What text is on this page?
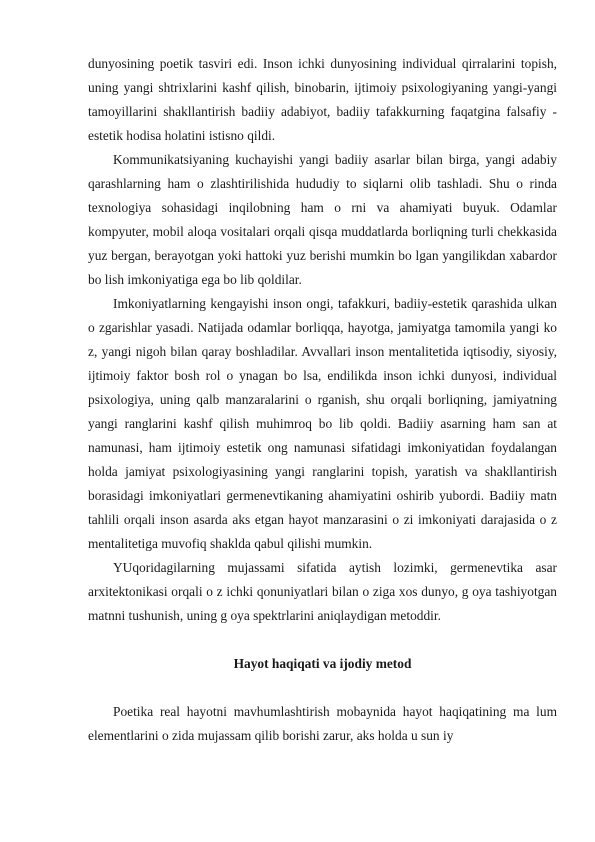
dunyosining poetik tasviri edi. Inson ichki dunyosining individual qirralarini topish, uning yangi shtrixlarini kashf qilish, binobarin, ijtimoiy psixologiyaning yangi-yangi tamoyillarini shakllantirish badiiy adabiyot, badiiy tafakkurning faqatgina falsafiy - estetik hodisa holatini istisno qildi.

Kommunikatsiyaning kuchayishi yangi badiiy asarlar bilan birga, yangi adabiy qarashlarning ham o zlashtirilishida hududiy to siqlarni olib tashladi. Shu o rinda texnologiya sohasidagi inqilobning ham o rni va ahamiyati buyuk. Odamlar kompyuter, mobil aloqa vositalari orqali qisqa muddatlarda borliqning turli chekkasida yuz bergan, berayotgan yoki hattoki yuz berishi mumkin bo lgan yangilikdan xabardor bo lish imkoniyatiga ega bo lib qoldilar.

Imkoniyatlarning kengayishi inson ongi, tafakkuri, badiiy-estetik qarashida ulkan o zgarishlar yasadi. Natijada odamlar borliqqa, hayotga, jamiyatga tamomila yangi ko z, yangi nigoh bilan qaray boshladilar. Avvallari inson mentalitetida iqtisodiy, siyosiy, ijtimoiy faktor bosh rol o ynagan bo lsa, endilikda inson ichki dunyosi, individual psixologiya, uning qalb manzaralarini o rganish, shu orqali borliqning, jamiyatning yangi ranglarini kashf qilish muhimroq bo lib qoldi. Badiiy asarning ham san at namunasi, ham ijtimoiy estetik ong namunasi sifatidagi imkoniyatidan foydalangan holda jamiyat psixologiyasining yangi ranglarini topish, yaratish va shakllantirish borasidagi imkoniyatlari germenevtikaning ahamiyatini oshirib yubordi. Badiiy matn tahlili orqali inson asarda aks etgan hayot manzarasini o zi imkoniyati darajasida o z mentalitetiga muvofiq shaklda qabul qilishi mumkin.

YUqoridagilarning mujassami sifatida aytish lozimki, germenevtika asar arxitektonikasi orqali o z ichki qonuniyatlari bilan o ziga xos dunyo, g oya tashiyotgan matnni tushunish, uning g oya spektrlarini aniqlaydigan metoddir.

Hayot haqiqati va ijodiy metod

Poetika real hayotni mavhumlashtirish mobaynida hayot haqiqatining ma lum elementlarini o zida mujassam qilib borishi zarur, aks holda u sun iy
